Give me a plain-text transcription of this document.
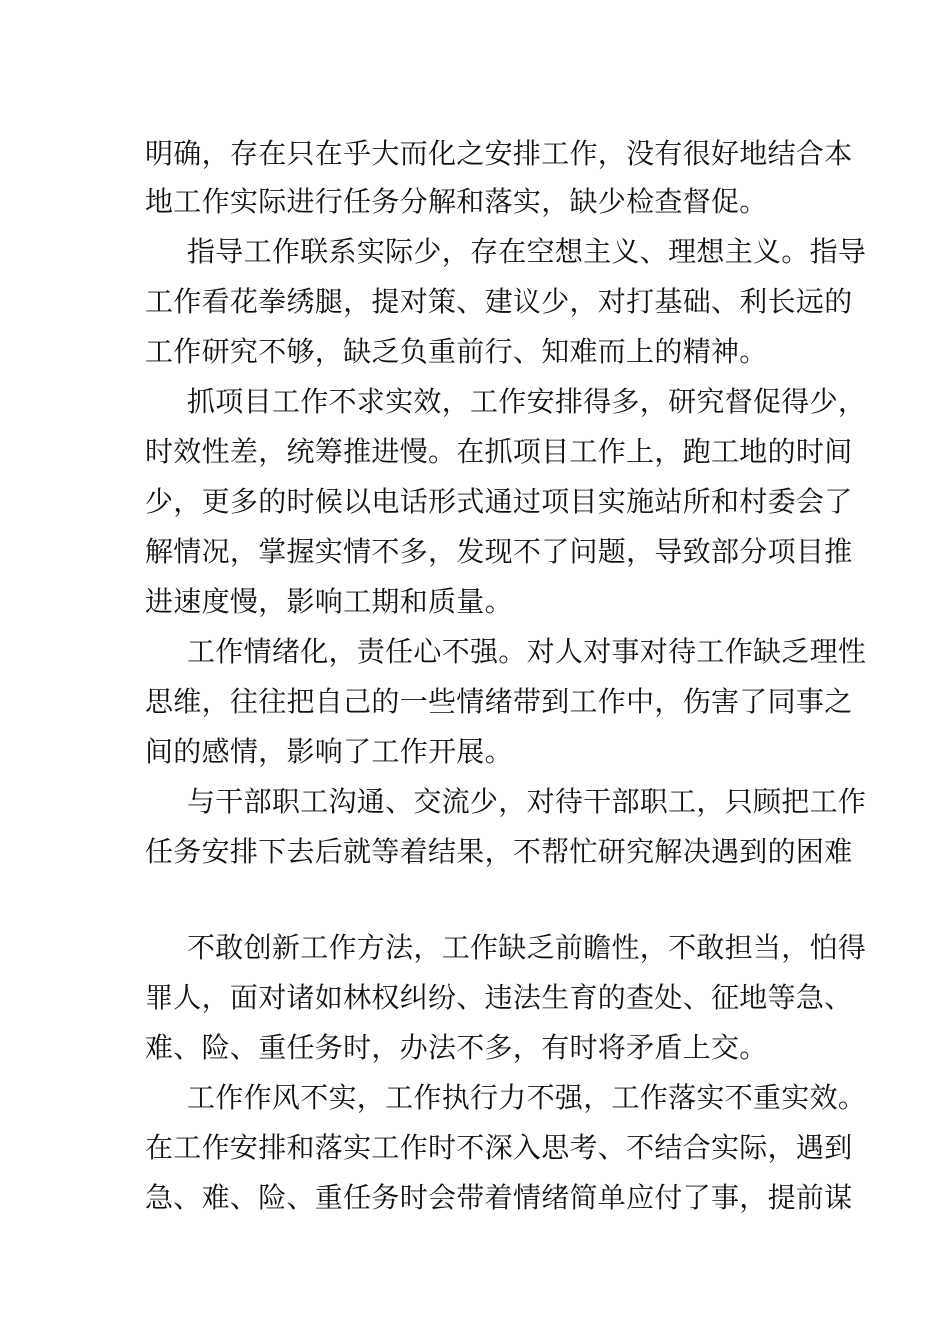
明确，存在只在乎大而化之安排工作，没有很好地结合本
地工作实际进行任务分解和落实，缺少检查督促。
指导工作联系实际少，存在空想主义、理想主义。指导
工作看花拳绣腿，提对策、建议少，对打基础、利长远的
工作研究不够，缺乏负重前行、知难而上的精神。
抓项目工作不求实效，工作安排得多，研究督促得少，
时效性差，统筹推进慢。在抓项目工作上，跑工地的时间
少，更多的时候以电话形式通过项目实施站所和村委会了
解情况，掌握实情不多，发现不了问题，导致部分项目推
进速度慢，影响工期和质量。
工作情绪化，责任心不强。对人对事对待工作缺乏理性
思维，往往把自己的一些情绪带到工作中，伤害了同事之
间的感情，影响了工作开展。
与干部职工沟通、交流少，对待干部职工，只顾把工作
任务安排下去后就等着结果，不帮忙研究解决遇到的困难
不敢创新工作方法，工作缺乏前瞻性，不敢担当，怕得
罪人，面对诸如林权纠纷、违法生育的查处、征地等急、
难、险、重任务时，办法不多，有时将矛盾上交。
工作作风不实，工作执行力不强，工作落实不重实效。
在工作安排和落实工作时不深入思考、不结合实际，遇到
急、难、险、重任务时会带着情绪简单应付了事，提前谋
